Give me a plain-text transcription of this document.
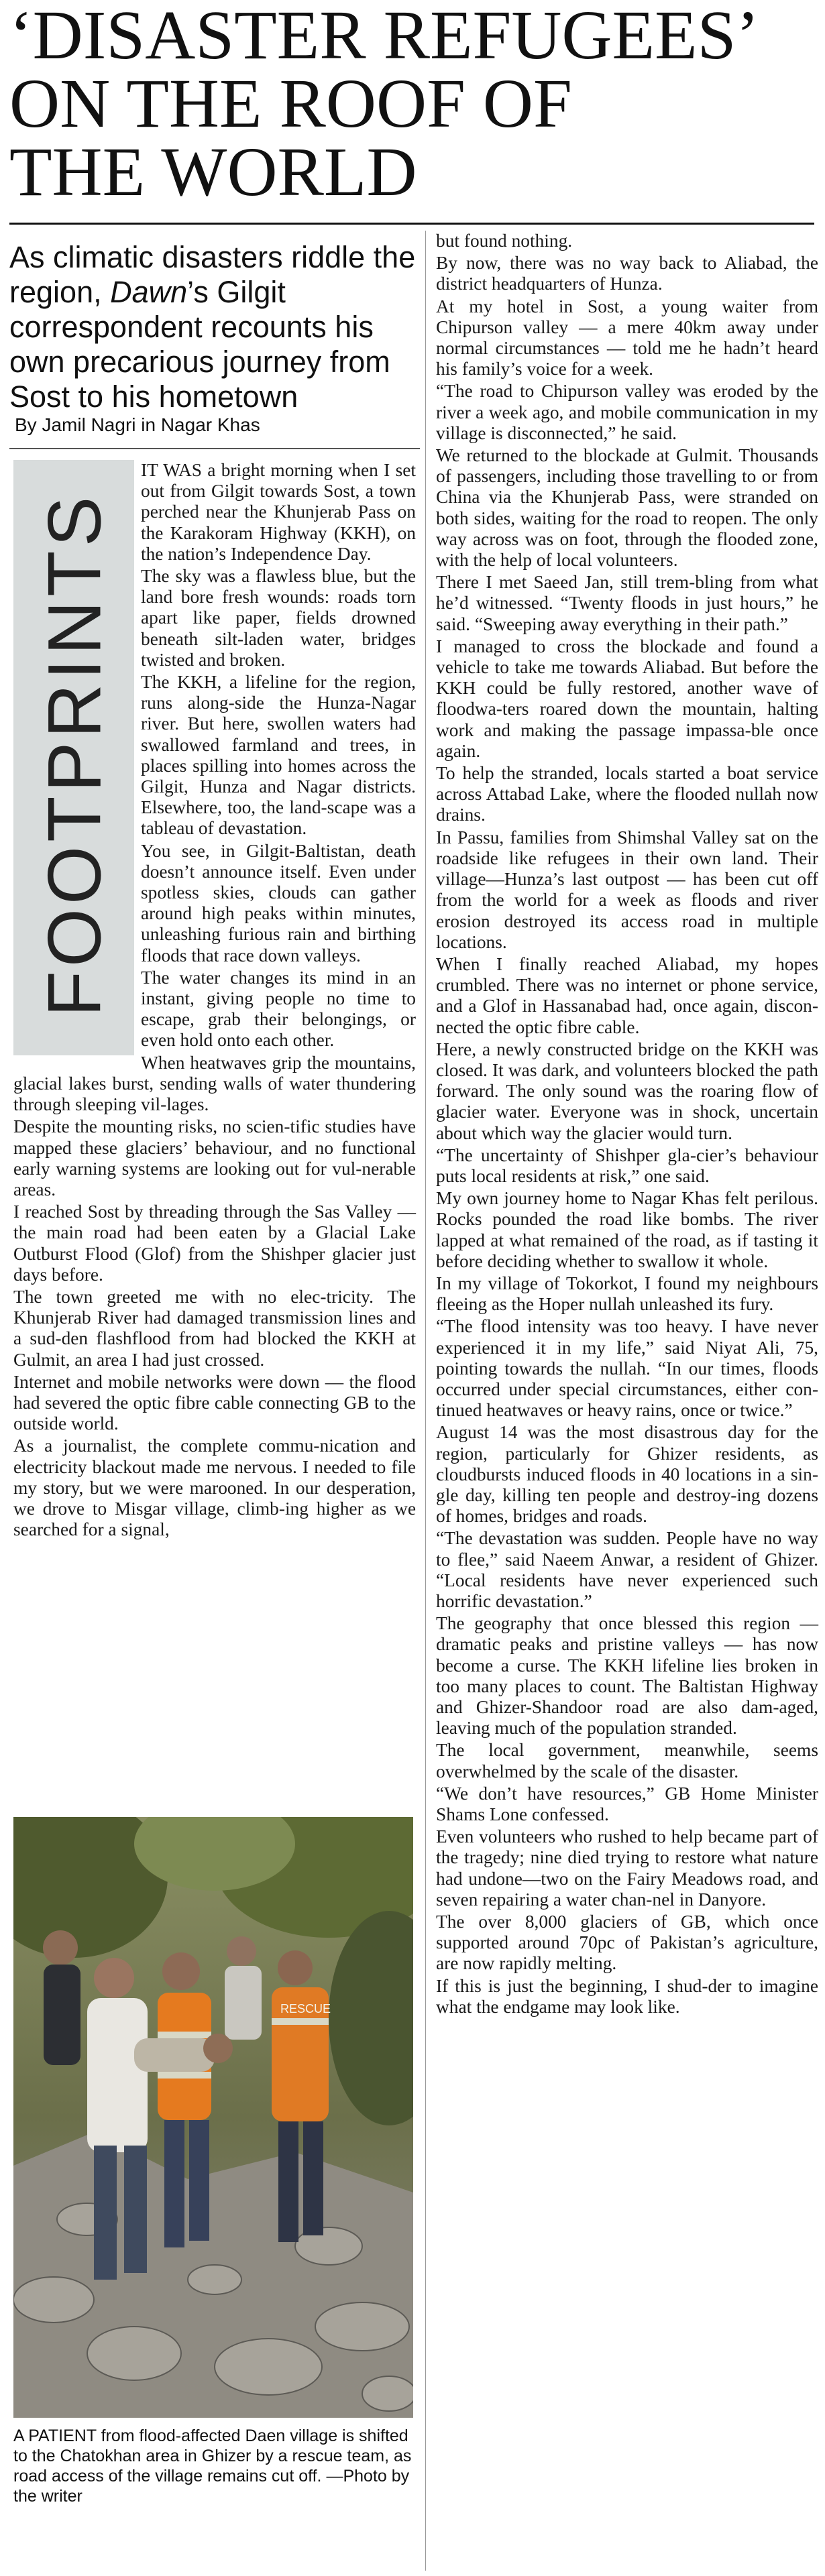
‘DISASTER REFUGEES’
ON THE ROOF OF
THE WORLD
As climatic disasters riddle the region, Dawn’s Gilgit correspondent recounts his own precarious journey from Sost to his hometown
By Jamil Nagri in Nagar Khas
FOOTPRINTS

IT WAS a bright morning when I set out from Gilgit towards Sost, a town perched near the Khunjerab Pass on the Karakoram Highway (KKH), on the nation’s Independence Day.

The sky was a flawless blue, but the land bore fresh wounds: roads torn apart like paper, fields drowned beneath silt-laden water, bridges twisted and broken.

The KKH, a lifeline for the region, runs along-side the Hunza-Nagar river. But here, swollen waters had swallowed farmland and trees, in places spilling into homes across the Gilgit, Hunza and Nagar districts. Elsewhere, too, the land-scape was a tableau of devastation.

You see, in Gilgit-Baltistan, death doesn’t announce itself. Even under spotless skies, clouds can gather around high peaks within minutes, unleashing furious rain and birthing floods that race down valleys.

The water changes its mind in an instant, giving people no time to escape, grab their belongings, or even hold onto each other.

When heatwaves grip the mountains, glacial lakes burst, sending walls of water thundering through sleeping vil-lages.

Despite the mounting risks, no scien-tific studies have mapped these glaciers’ behaviour, and no functional early warning systems are looking out for vul-nerable areas.

I reached Sost by threading through the Sas Valley — the main road had been eaten by a Glacial Lake Outburst Flood (Glof) from the Shishper glacier just days before.

The town greeted me with no elec-tricity. The Khunjerab River had damaged transmission lines and a sud-den flashflood from had blocked the KKH at Gulmit, an area I had just crossed.

Internet and mobile networks were down — the flood had severed the optic fibre cable connecting GB to the outside world.

As a journalist, the complete commu-nication and electricity blackout made me nervous. I needed to file my story, but we were marooned. In our desperation, we drove to Misgar village, climb-ing higher as we searched for a signal,

RESCUE
A PATIENT from flood-affected Daen village is shifted to the Chatokhan area in Ghizer by a rescue team, as road access of the village remains cut off. —Photo by the writer

but found nothing.

By now, there was no way back to Aliabad, the district headquarters of Hunza.

At my hotel in Sost, a young waiter from Chipurson valley — a mere 40km away under normal circumstances — told me he hadn’t heard his family’s voice for a week.

“The road to Chipurson valley was eroded by the river a week ago, and mobile communication in my village is disconnected,” he said.

We returned to the blockade at Gulmit. Thousands of passengers, including those travelling to or from China via the Khunjerab Pass, were stranded on both sides, waiting for the road to reopen. The only way across was on foot, through the flooded zone, with the help of local volunteers.

There I met Saeed Jan, still trem-bling from what he’d witnessed. “Twenty floods in just hours,” he said. “Sweeping away everything in their path.”

I managed to cross the blockade and found a vehicle to take me towards Aliabad. But before the KKH could be fully restored, another wave of floodwa-ters roared down the mountain, halting work and making the passage impassa-ble once again.

To help the stranded, locals started a boat service across Attabad Lake, where the flooded nullah now drains.

In Passu, families from Shimshal Valley sat on the roadside like refugees in their own land. Their village—Hunza’s last outpost — has been cut off from the world for a week as floods and river erosion destroyed its access road in multiple locations.

When I finally reached Aliabad, my hopes crumbled. There was no internet or phone service, and a Glof in Hassanabad had, once again, discon-nected the optic fibre cable.

Here, a newly constructed bridge on the KKH was closed. It was dark, and volunteers blocked the path forward. The only sound was the roaring flow of glacier water. Everyone was in shock, uncertain about which way the glacier would turn.

“The uncertainty of Shishper gla-cier’s behaviour puts local residents at risk,” one said.

My own journey home to Nagar Khas felt perilous. Rocks pounded the road like bombs. The river lapped at what remained of the road, as if tasting it before deciding whether to swallow it whole.

In my village of Tokorkot, I found my neighbours fleeing as the Hoper nullah unleashed its fury.

“The flood intensity was too heavy. I have never experienced it in my life,” said Niyat Ali, 75, pointing towards the nullah. “In our times, floods occurred under special circumstances, either con-tinued heatwaves or heavy rains, once or twice.”

August 14 was the most disastrous day for the region, particularly for Ghizer residents, as cloudbursts induced floods in 40 locations in a sin-gle day, killing ten people and destroy-ing dozens of homes, bridges and roads.

“The devastation was sudden. People have no way to flee,” said Naeem Anwar, a resident of Ghizer. “Local residents have never experienced such horrific devastation.”

The geography that once blessed this region — dramatic peaks and pristine valleys — has now become a curse. The KKH lifeline lies broken in too many places to count. The Baltistan Highway and Ghizer-Shandoor road are also dam-aged, leaving much of the population stranded.

The local government, meanwhile, seems overwhelmed by the scale of the disaster.

“We don’t have resources,” GB Home Minister Shams Lone confessed.

Even volunteers who rushed to help became part of the tragedy; nine died trying to restore what nature had undone—two on the Fairy Meadows road, and seven repairing a water chan-nel in Danyore.

The over 8,000 glaciers of GB, which once supported around 70pc of Pakistan’s agriculture, are now rapidly melting.

If this is just the beginning, I shud-der to imagine what the endgame may look like.
